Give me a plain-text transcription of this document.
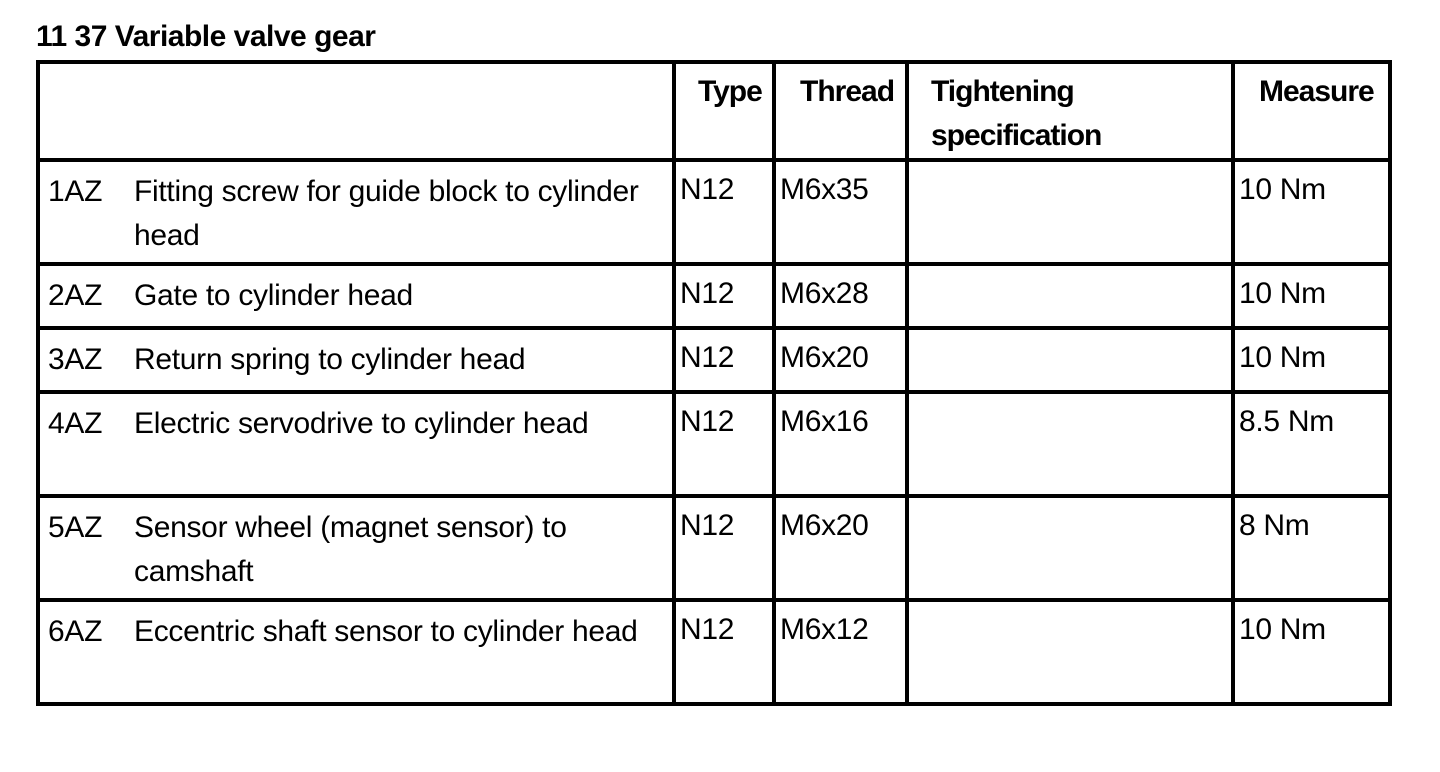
11 37 Variable valve gear
	Type	Thread	Tightening specification	Measure

1AZ Fitting screw for guide block to cylinder head	N12	M6x35		10 Nm

2AZ Gate to cylinder head	N12	M6x28		10 Nm

3AZ Return spring to cylinder head	N12	M6x20		10 Nm

4AZ Electric servodrive to cylinder head	N12	M6x16		8.5 Nm

5AZ Sensor wheel (magnet sensor) to camshaft	N12	M6x20		8 Nm

6AZ Eccentric shaft sensor to cylinder head	N12	M6x12		10 Nm
